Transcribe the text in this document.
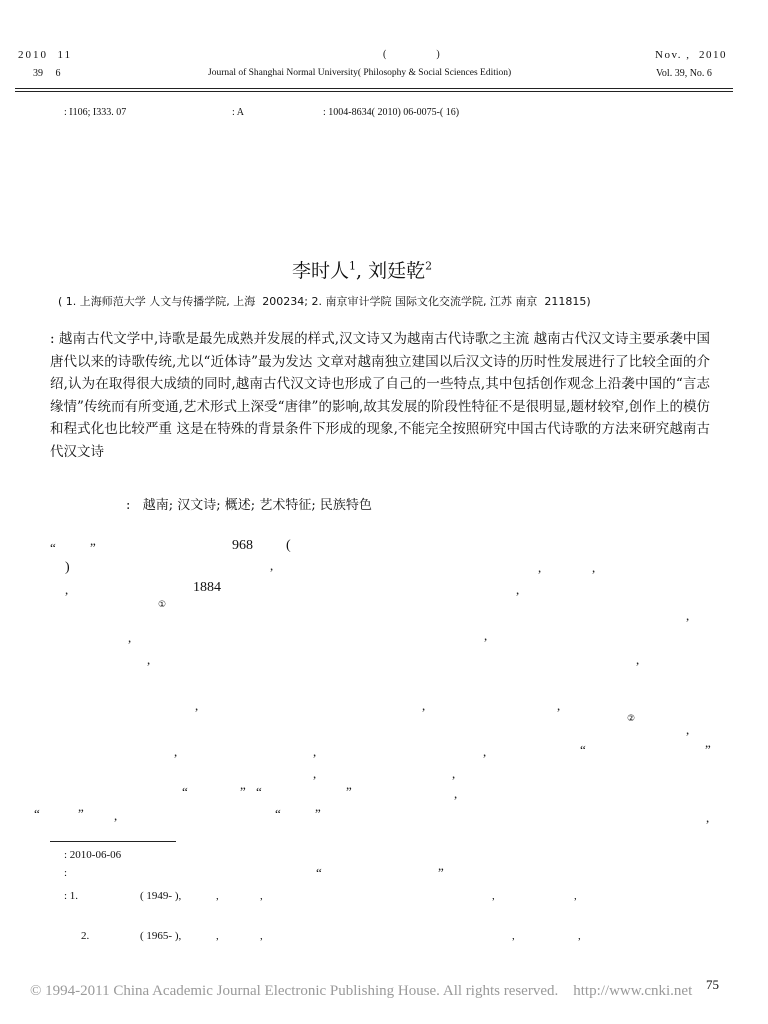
2010  11
39     6
(                    )
Journal of Shanghai Normal University( Philosophy & Social Sciences Edition)
Nov. ,  2010
Vol. 39, No. 6
: I106; I333. 07	: A	: 1004-8634( 2010) 06-0075-( 16)
李时人$^1$, 刘廷乾$^2$
( 1. 上海师范大学 人文与传播学院, 上海  200234; 2. 南京审计学院 国际文化交流学院, 江苏 南京  211815)
: 越南古代文学中,诗歌是最先成熟并发展的样式,汉文诗又为越南古代诗歌之主流 越南古代汉文诗主要承袭中国唐代以来的诗歌传统,尤以“近体诗”最为发达 文章对越南独立建国以后汉文诗的历时性发展进行了比较全面的介绍,认为在取得很大成绩的同时,越南古代汉文诗也形成了自己的一些特点,其中包括创作观念上沿袭中国的“言志缘情”传统而有所变通,艺术形式上深受“唐律”的影响,故其发展的阶段性特征不是很明显,题材较窄,创作上的模仿和程式化也比较严重 这是在特殊的背景条件下形成的现象,不能完全按照研究中国古代诗歌的方法来研究越南古代汉文诗
:   越南; 汉文诗; 概述; 艺术特征; 民族特色
“	”	968 (
)	,	,	,
,	1884	,
①
,
,	,
,	,
,	,	,
②
,
,	,	,	“	”
,	,
“	” “	”	,
“	” ,	“	”	,
: 2010-06-06
:	“	”
: 1.	( 1949- ),	,	,	,	,
2.	( 1965- ),	,	,	,	,
75
© 1994-2011 China Academic Journal Electronic Publishing House. All rights reserved.    http://www.cnki.net
